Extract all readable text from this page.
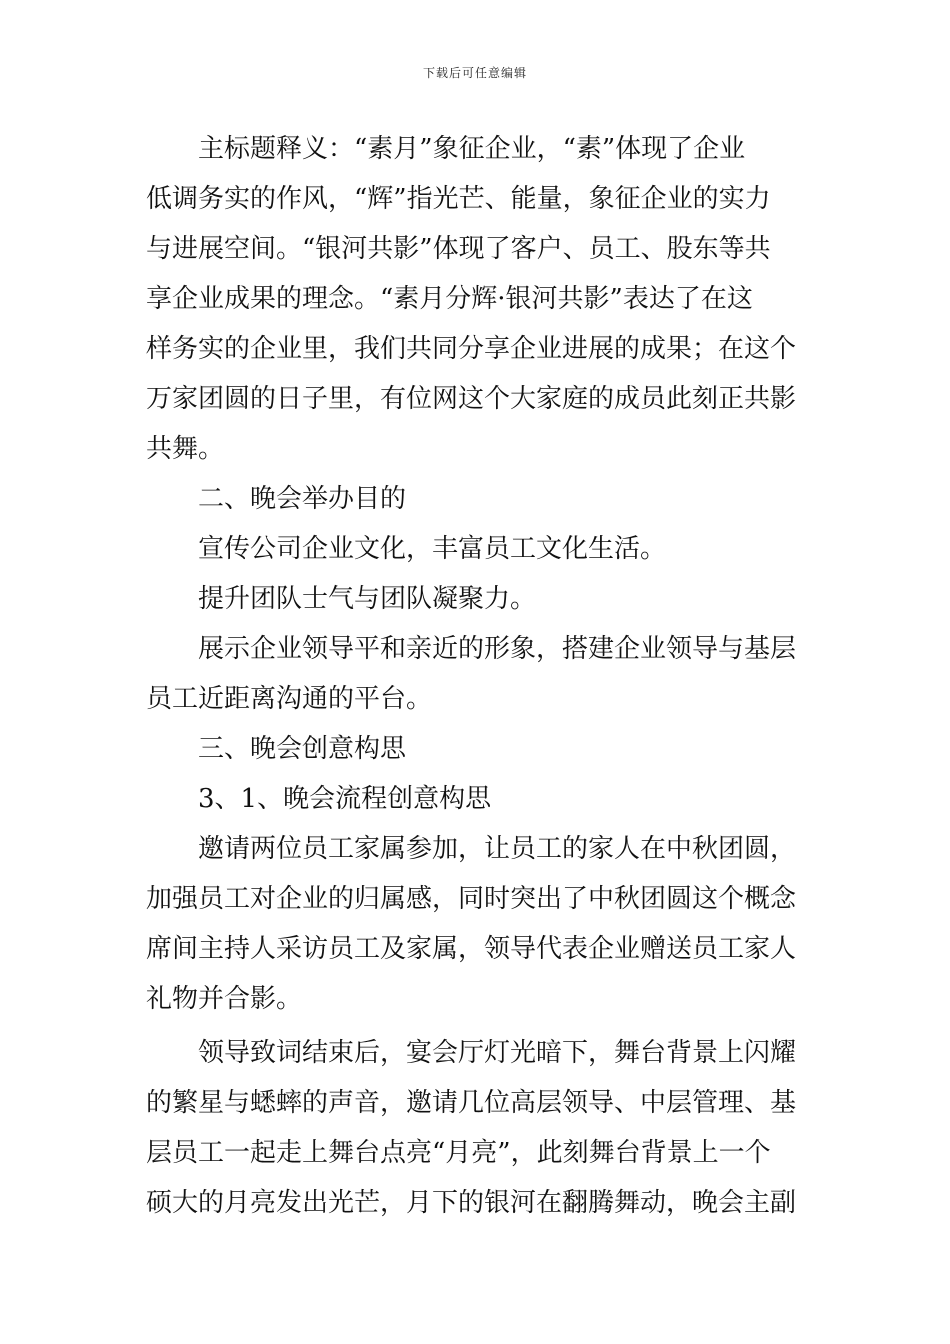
下载后可任意编辑
主标题释义：“素月”象征企业，“素”体现了企业
低调务实的作风，“辉”指光芒、能量，象征企业的实力
与进展空间。“银河共影”体现了客户、员工、股东等共
享企业成果的理念。“素月分辉·银河共影”表达了在这
样务实的企业里，我们共同分享企业进展的成果；在这个
万家团圆的日子里，有位网这个大家庭的成员此刻正共影
共舞。
二、晚会举办目的
宣传公司企业文化，丰富员工文化生活。
提升团队士气与团队凝聚力。
展示企业领导平和亲近的形象，搭建企业领导与基层
员工近距离沟通的平台。
三、晚会创意构思
3、1、晚会流程创意构思
邀请两位员工家属参加，让员工的家人在中秋团圆，
加强员工对企业的归属感，同时突出了中秋团圆这个概念
席间主持人采访员工及家属，领导代表企业赠送员工家人
礼物并合影。
领导致词结束后，宴会厅灯光暗下，舞台背景上闪耀
的繁星与蟋蟀的声音，邀请几位高层领导、中层管理、基
层员工一起走上舞台点亮“月亮”，此刻舞台背景上一个
硕大的月亮发出光芒，月下的银河在翻腾舞动，晚会主副
